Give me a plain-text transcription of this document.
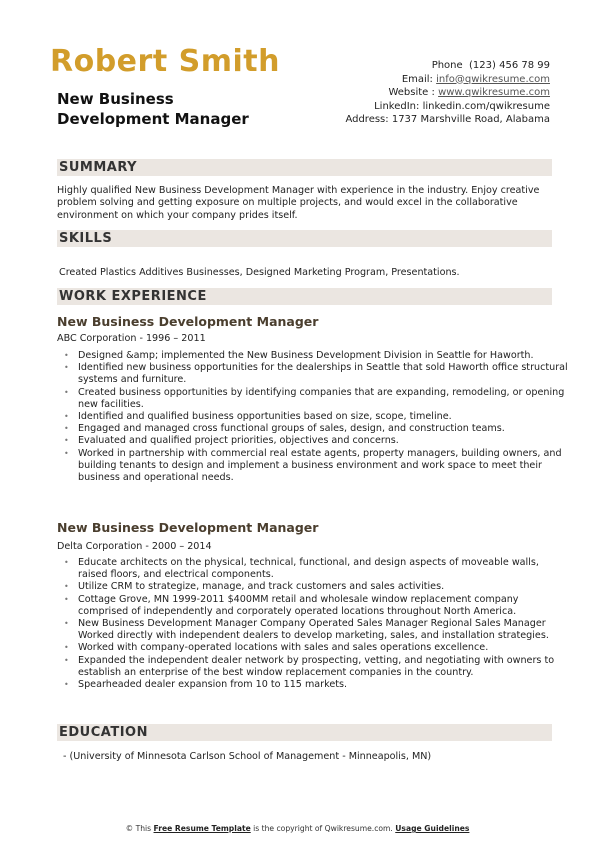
Robert Smith
New Business Development Manager
Phone (123) 456 78 99
Email: info@qwikresume.com
Website : www.qwikresume.com
LinkedIn: linkedin.com/qwikresume
Address: 1737 Marshville Road, Alabama
SUMMARY
Highly qualified New Business Development Manager with experience in the industry. Enjoy creative problem solving and getting exposure on multiple projects, and would excel in the collaborative environment on which your company prides itself.
SKILLS
Created Plastics Additives Businesses, Designed Marketing Program, Presentations.
WORK EXPERIENCE
New Business Development Manager
ABC Corporation - 1996 – 2011
• Designed &amp; implemented the New Business Development Division in Seattle for Haworth.
• Identified new business opportunities for the dealerships in Seattle that sold Haworth office structural systems and furniture.
• Created business opportunities by identifying companies that are expanding, remodeling, or opening new facilities.
• Identified and qualified business opportunities based on size, scope, timeline.
• Engaged and managed cross functional groups of sales, design, and construction teams.
• Evaluated and qualified project priorities, objectives and concerns.
• Worked in partnership with commercial real estate agents, property managers, building owners, and building tenants to design and implement a business environment and work space to meet their business and operational needs.
New Business Development Manager
Delta Corporation - 2000 – 2014
• Educate architects on the physical, technical, functional, and design aspects of moveable walls, raised floors, and electrical components.
• Utilize CRM to strategize, manage, and track customers and sales activities.
• Cottage Grove, MN 1999-2011 $400MM retail and wholesale window replacement company comprised of independently and corporately operated locations throughout North America.
• New Business Development Manager Company Operated Sales Manager Regional Sales Manager Worked directly with independent dealers to develop marketing, sales, and installation strategies.
• Worked with company-operated locations with sales and sales operations excellence.
• Expanded the independent dealer network by prospecting, vetting, and negotiating with owners to establish an enterprise of the best window replacement companies in the country.
• Spearheaded dealer expansion from 10 to 115 markets.
EDUCATION
- (University of Minnesota Carlson School of Management - Minneapolis, MN)
© This Free Resume Template is the copyright of Qwikresume.com. Usage Guidelines
